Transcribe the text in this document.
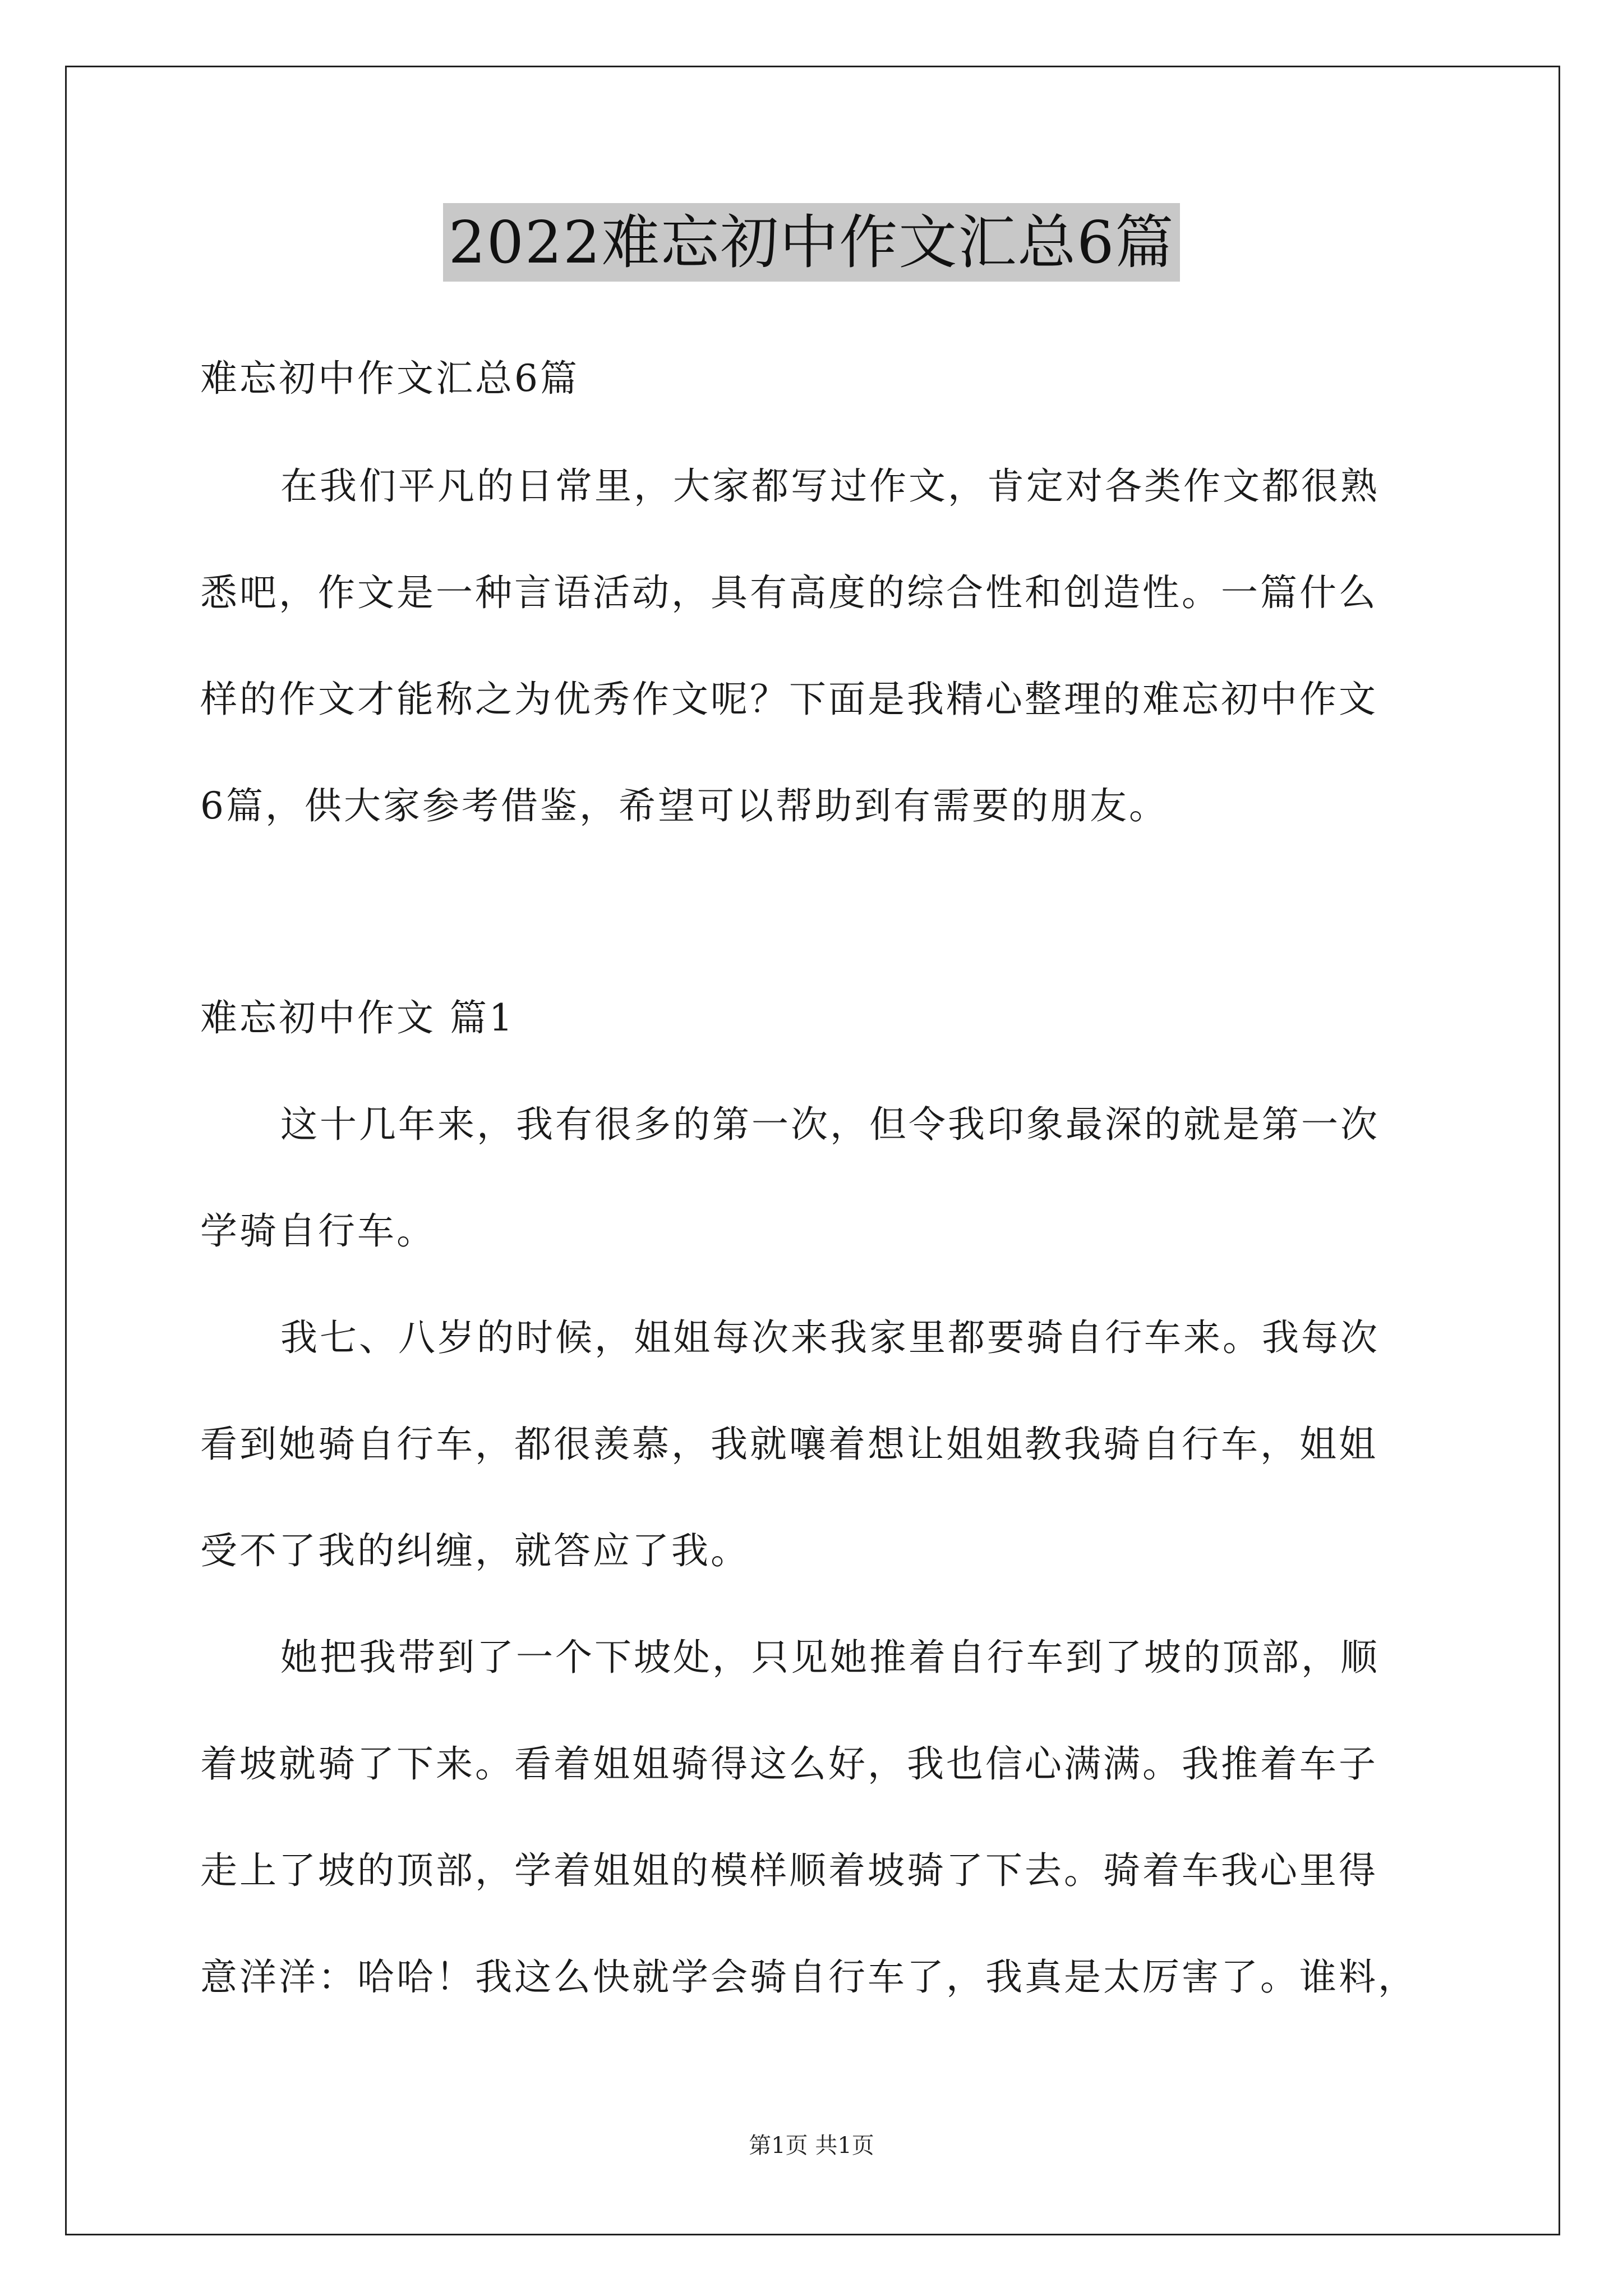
2022难忘初中作文汇总6篇
难忘初中作文汇总6篇
在我们平凡的日常里，大家都写过作文，肯定对各类作文都很熟
悉吧，作文是一种言语活动，具有高度的综合性和创造性。一篇什么
样的作文才能称之为优秀作文呢？下面是我精心整理的难忘初中作文
6篇，供大家参考借鉴，希望可以帮助到有需要的朋友。
难忘初中作文 篇1
这十几年来，我有很多的第一次，但令我印象最深的就是第一次
学骑自行车。
我七、八岁的时候，姐姐每次来我家里都要骑自行车来。我每次
看到她骑自行车，都很羡慕，我就嚷着想让姐姐教我骑自行车，姐姐
受不了我的纠缠，就答应了我。
她把我带到了一个下坡处，只见她推着自行车到了坡的顶部，顺
着坡就骑了下来。看着姐姐骑得这么好，我也信心满满。我推着车子
走上了坡的顶部，学着姐姐的模样顺着坡骑了下去。骑着车我心里得
意洋洋：哈哈！我这么快就学会骑自行车了，我真是太厉害了。谁料，
第1页 共1页
